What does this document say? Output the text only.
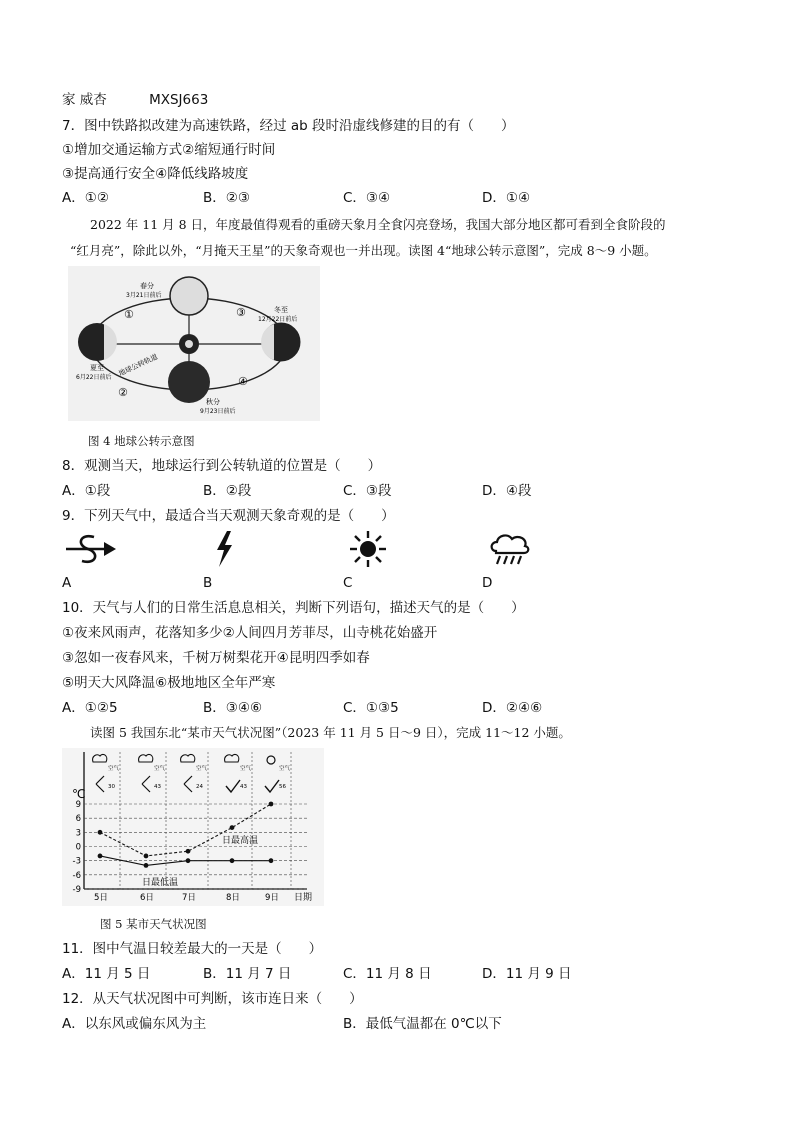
家 威杏	MXSJ663
7．图中铁路拟改建为高速铁路，经过 ab 段时沿虚线修建的目的有（　　）
①增加交通运输方式②缩短通行时间
③提高通行安全④降低线路坡度
A．①②	B．②③	C．③④	D．①④
2022 年 11 月 8 日，年度最值得观看的重磅天象月全食闪亮登场，我国大部分地区都可看到全食阶段的
“红月亮”，除此以外，“月掩天王星”的天象奇观也一并出现。读图 4“地球公转示意图”，完成 8～9 小题。
春分
3月21日前后
冬至
12月22日前后
夏至
6月22日前后
秋分
9月23日前后
地球公转轨道
①
②
③
④
图 4 地球公转示意图
8．观测当天，地球运行到公转轨道的位置是（　　）
A．①段	B．②段	C．③段	D．④段
9．下列天气中，最适合当天观测天象奇观的是（　　）
A	B	C	D
10．天气与人们的日常生活息息相关，判断下列语句，描述天气的是（　　）
①夜来风雨声，花落知多少②人间四月芳菲尽，山寺桃花始盛开
③忽如一夜春风来，千树万树梨花开④昆明四季如春
⑤明天大风降温⑥极地地区全年严寒
A．①②5	B．③④⑥	C．①③5	D．②④⑥
读图 5 我国东北“某市天气状况图”（2023 年 11 月 5 日～9 日），完成 11～12 小题。
30
空气
43
空气
24
空气
43
空气
56
空气
9
6
3
0
-3
-6
-9
5日	6日	7日	8日	9日
℃
日最高温
日最低温
日期
图 5 某市天气状况图
11．图中气温日较差最大的一天是（　　）
A．11 月 5 日	B．11 月 7 日	C．11 月 8 日	D．11 月 9 日
12．从天气状况图中可判断，该市连日来（　　）
A．以东风或偏东风为主	B．最低气温都在 0℃以下
